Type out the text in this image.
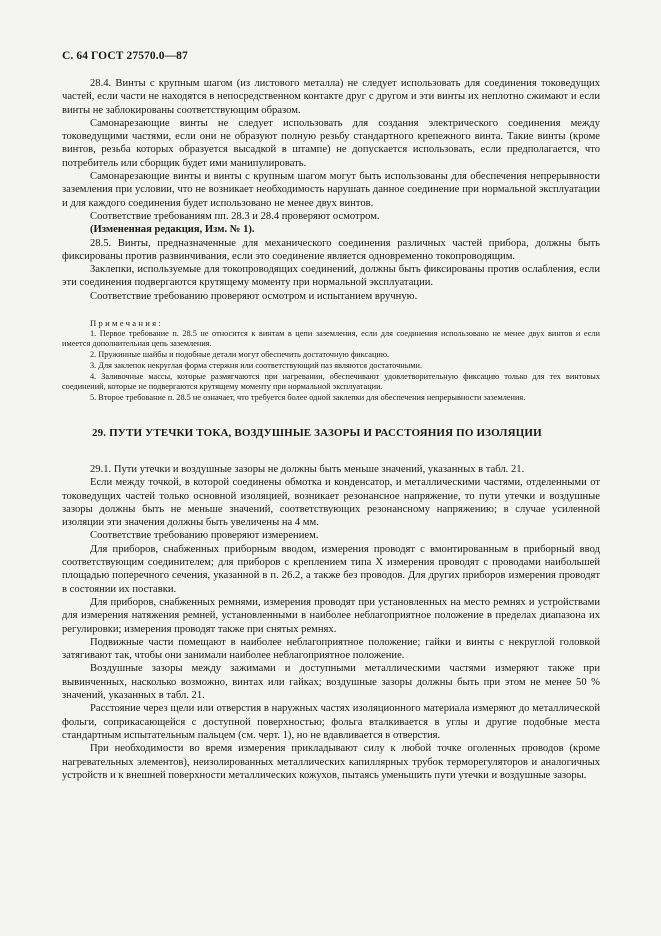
С. 64 ГОСТ 27570.0—87

28.4. Винты с крупным шагом (из листового металла) не следует использовать для соединения токоведущих частей, если части не находятся в непосредственном контакте друг с другом и эти винты их неплотно сжимают и если винты не заблокированы соответствующим образом.

Самонарезающие винты не следует использовать для создания электрического соединения между токоведущими частями, если они не образуют полную резьбу стандартного крепежного винта. Такие винты (кроме винтов, резьба которых образуется высадкой в штампе) не допускается использовать, если предполагается, что потребитель или сборщик будет ими манипулировать.

Самонарезающие винты и винты с крупным шагом могут быть использованы для обеспечения непрерывности заземления при условии, что не возникает необходимость нарушать данное соединение при нормальной эксплуатации и для каждого соединения будет использовано не менее двух винтов.

Соответствие требованиям пп. 28.3 и 28.4 проверяют осмотром.

(Измененная редакция, Изм. № 1).

28.5. Винты, предназначенные для механического соединения различных частей прибора, должны быть фиксированы против развинчивания, если это соединение является одновременно токопроводящим.

Заклепки, используемые для токопроводящих соединений, должны быть фиксированы против ослабления, если эти соединения подвергаются крутящему моменту при нормальной эксплуатации.

Соответствие требованию проверяют осмотром и испытанием вручную.

Примечания:

1. Первое требование п. 28.5 не относится к винтам в цепи заземления, если для соединения использовано не менее двух винтов и если имеется дополнительная цепь заземления.

2. Пружинные шайбы и подобные детали могут обеспечить достаточную фиксацию.

3. Для заклепок некруглая форма стержня или соответствующий паз являются достаточными.

4. Заливочные массы, которые размягчаются при нагревании, обеспечивают удовлетворительную фиксацию только для тех винтовых соединений, которые не подвергаются крутящему моменту при нормальной эксплуатации.

5. Второе требование п. 28.5 не означает, что требуется более одной заклепки для обеспечения непрерывности заземления.

29. ПУТИ УТЕЧКИ ТОКА, ВОЗДУШНЫЕ ЗАЗОРЫ И РАССТОЯНИЯ ПО ИЗОЛЯЦИИ

29.1. Пути утечки и воздушные зазоры не должны быть меньше значений, указанных в табл. 21.

Если между точкой, в которой соединены обмотка и конденсатор, и металлическими частями, отделенными от токоведущих частей только основной изоляцией, возникает резонансное напряжение, то пути утечки и воздушные зазоры должны быть не меньше значений, соответствующих резонансному напряжению; в случае усиленной изоляции эти значения должны быть увеличены на 4 мм.

Соответствие требованию проверяют измерением.

Для приборов, снабженных приборным вводом, измерения проводят с вмонтированным в приборный ввод соответствующим соединителем; для приборов с креплением типа X измерения проводят с проводами наибольшей площадью поперечного сечения, указанной в п. 26.2, а также без проводов. Для других приборов измерения проводят в состоянии их поставки.

Для приборов, снабженных ремнями, измерения проводят при установленных на место ремнях и устройствами для измерения натяжения ремней, установленными в наиболее неблагоприятное положение в пределах диапазона их регулировки; измерения проводят также при снятых ремнях.

Подвижные части помещают в наиболее неблагоприятное положение; гайки и винты с некруглой головкой затягивают так, чтобы они занимали наиболее неблагоприятное положение.

Воздушные зазоры между зажимами и доступными металлическими частями измеряют также при вывинченных, насколько возможно, винтах или гайках; воздушные зазоры должны быть при этом не менее 50 % значений, указанных в табл. 21.

Расстояние через щели или отверстия в наружных частях изоляционного материала измеряют до металлической фольги, соприкасающейся с доступной поверхностью; фольга вталкивается в углы и другие подобные места стандартным испытательным пальцем (см. черт. 1), но не вдавливается в отверстия.

При необходимости во время измерения прикладывают силу к любой точке оголенных проводов (кроме нагревательных элементов), неизолированных металлических капиллярных трубок терморегуляторов и аналогичных устройств и к внешней поверхности металлических кожухов, пытаясь уменьшить пути утечки и воздушные зазоры.
